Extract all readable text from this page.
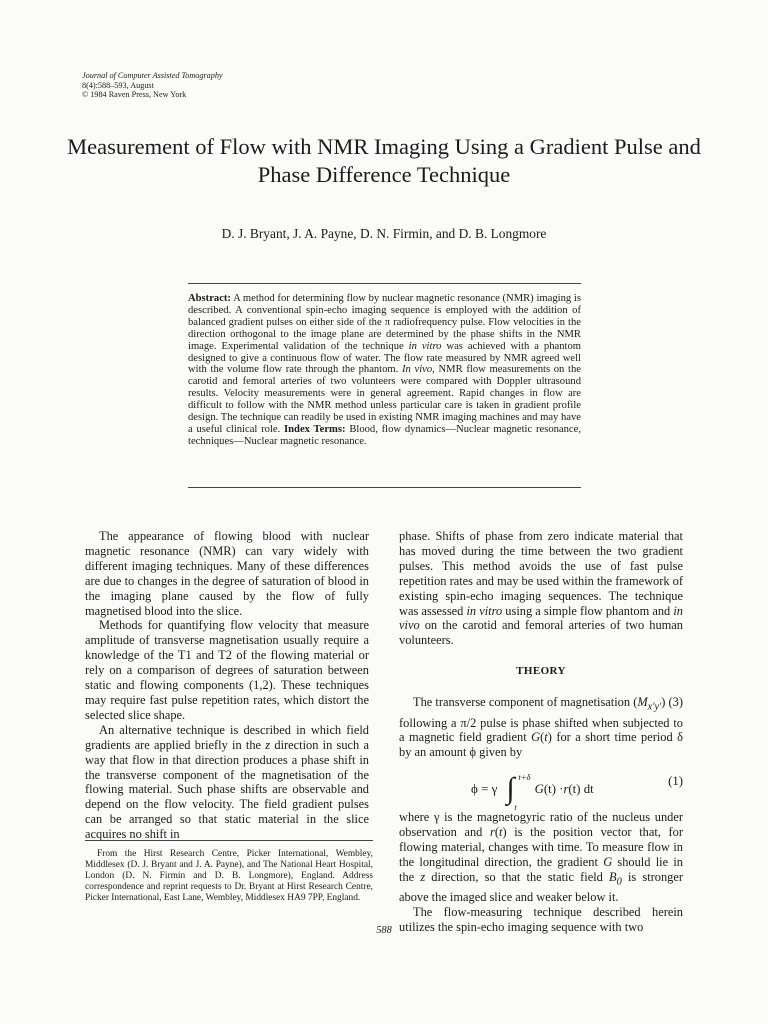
Journal of Computer Assisted Tomography
8(4):588–593, August
© 1984 Raven Press, New York
Measurement of Flow with NMR Imaging Using a Gradient Pulse and Phase Difference Technique
D. J. Bryant, J. A. Payne, D. N. Firmin, and D. B. Longmore

Abstract: A method for determining flow by nuclear magnetic resonance (NMR) imaging is described. A conventional spin-echo imaging sequence is employed with the addition of balanced gradient pulses on either side of the π radiofrequency pulse. Flow velocities in the direction orthogonal to the image plane are determined by the phase shifts in the NMR image. Experimental validation of the technique in vitro was achieved with a phantom designed to give a continuous flow of water. The flow rate measured by NMR agreed well with the volume flow rate through the phantom. In vivo, NMR flow measurements on the carotid and femoral arteries of two volunteers were compared with Doppler ultrasound results. Velocity measurements were in general agreement. Rapid changes in flow are difficult to follow with the NMR method unless particular care is taken in gradient profile design. The technique can readily be used in existing NMR imaging machines and may have a useful clinical role. Index Terms: Blood, flow dynamics—Nuclear magnetic resonance, techniques—Nuclear magnetic resonance.

The appearance of flowing blood with nuclear magnetic resonance (NMR) can vary widely with different imaging techniques. Many of these differences are due to changes in the degree of saturation of blood in the imaging plane caused by the flow of fully magnetised blood into the slice.

Methods for quantifying flow velocity that measure amplitude of transverse magnetisation usually require a knowledge of the T1 and T2 of the flowing material or rely on a comparison of degrees of saturation between static and flowing components (1,2). These techniques may require fast pulse repetition rates, which distort the selected slice shape.

An alternative technique is described in which field gradients are applied briefly in the z direction in such a way that flow in that direction produces a phase shift in the transverse component of the magnetisation of the flowing material. Such phase shifts are observable and depend on the flow velocity. The field gradient pulses can be arranged so that static material in the slice acquires no shift in

phase. Shifts of phase from zero indicate material that has moved during the time between the two gradient pulses. This method avoids the use of fast pulse repetition rates and may be used within the framework of existing spin-echo imaging sequences. The technique was assessed in vitro using a simple flow phantom and in vivo on the carotid and femoral arteries of two human volunteers.

THEORY

The transverse component of magnetisation $(M_{x'y'})$ (3) following a π/2 pulse is phase shifted when subjected to a magnetic field gradient G(t) for a short time period δ by an amount ϕ given by

ϕ = γ ∫ t+δ
t
G (t) · r (t) dt
(1)

where γ is the magnetogyric ratio of the nucleus under observation and r(t) is the position vector that, for flowing material, changes with time. To measure flow in the longitudinal direction, the gradient G should lie in the z direction, so that the static field $B_0$ is stronger above the imaged slice and weaker below it.

The flow-measuring technique described herein utilizes the spin-echo imaging sequence with two

From the Hirst Research Centre, Picker International, Wembley, Middlesex (D. J. Bryant and J. A. Payne), and The National Heart Hospital, London (D. N. Firmin and D. B. Longmore), England. Address correspondence and reprint requests to Dr. Bryant at Hirst Research Centre, Picker International, East Lane, Wembley, Middlesex HA9 7PP, England.

588
